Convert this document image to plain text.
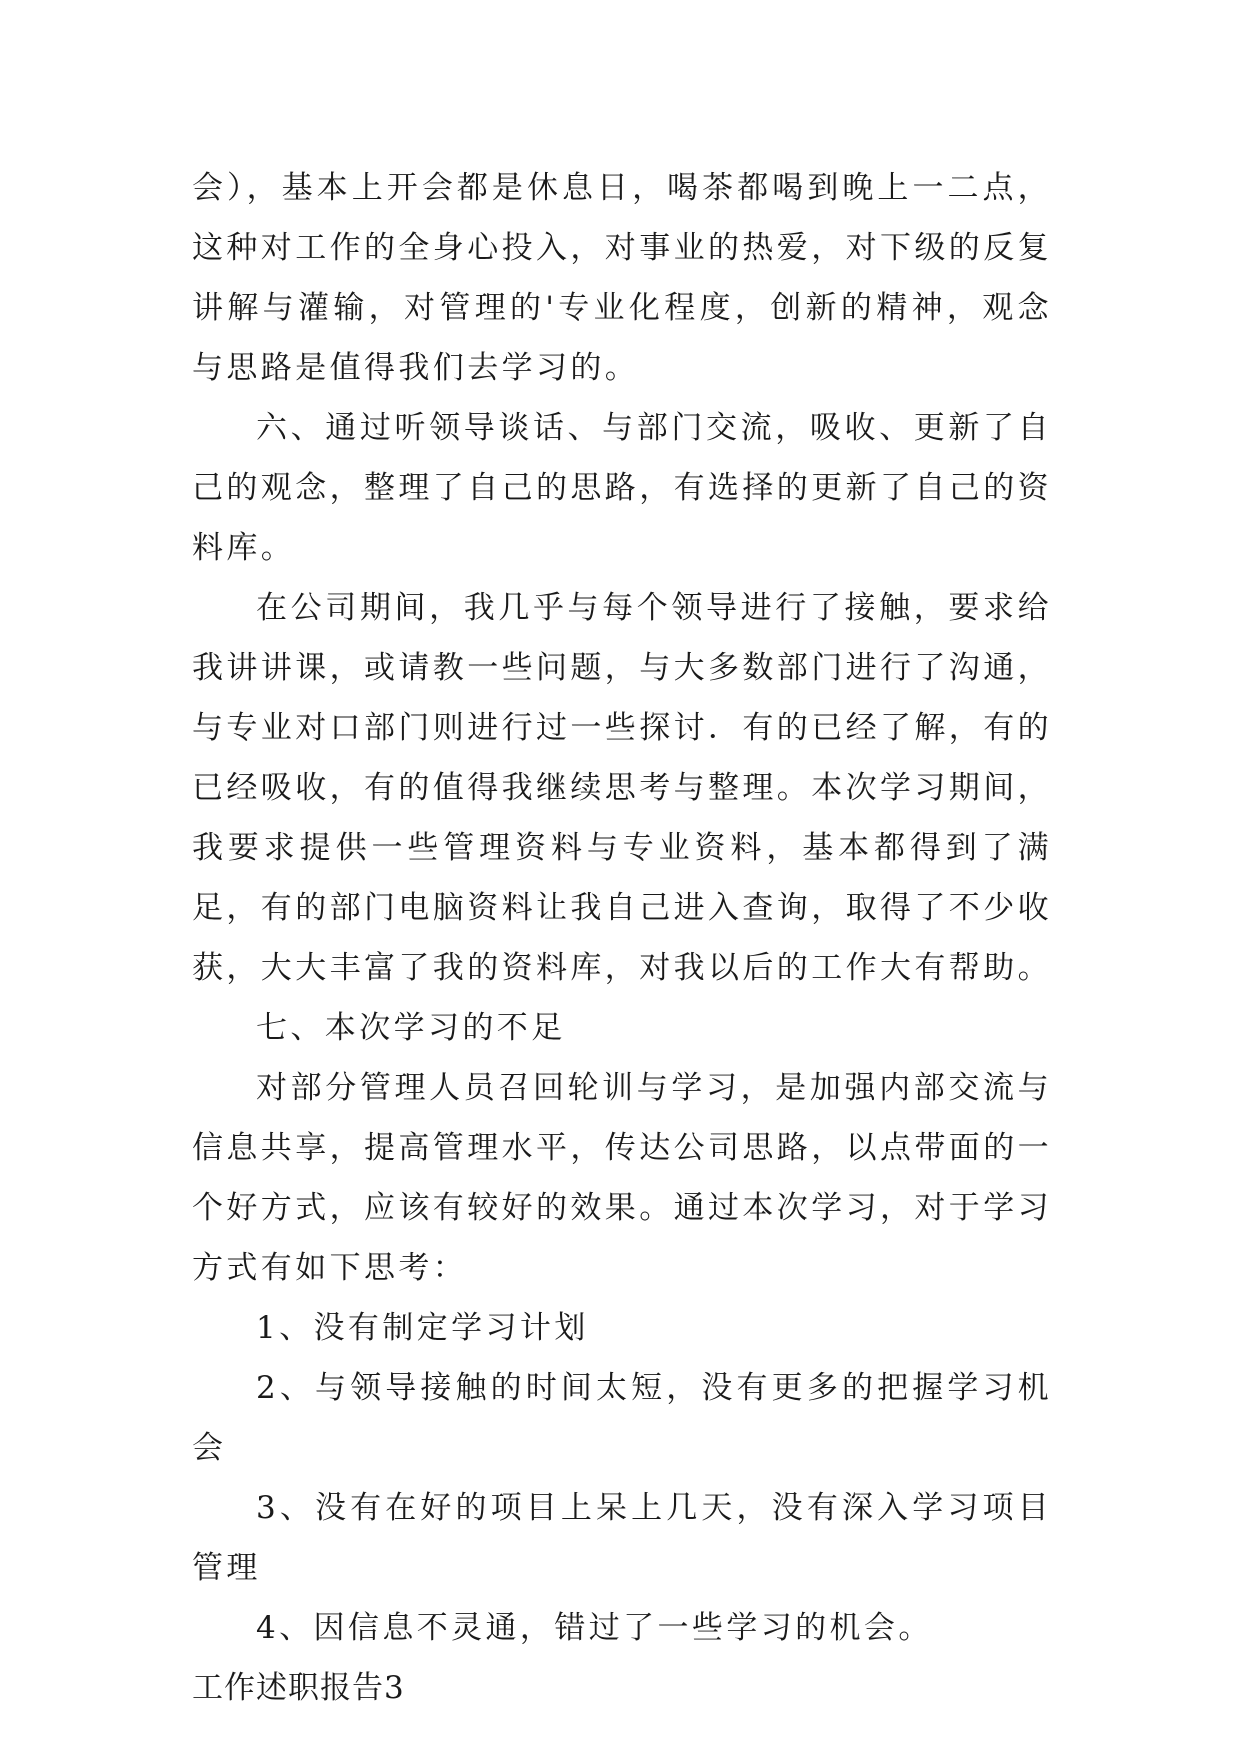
会），基本上开会都是休息日，喝茶都喝到晚上一二点，这种对工作的全身心投入，对事业的热爱，对下级的反复讲解与灌输，对管理的'专业化程度，创新的精神，观念与思路是值得我们去学习的。

六、通过听领导谈话、与部门交流，吸收、更新了自己的观念，整理了自己的思路，有选择的更新了自己的资料库。

在公司期间，我几乎与每个领导进行了接触，要求给我讲讲课，或请教一些问题，与大多数部门进行了沟通，与专业对口部门则进行过一些探讨．有的已经了解，有的已经吸收，有的值得我继续思考与整理。本次学习期间，我要求提供一些管理资料与专业资料，基本都得到了满足，有的部门电脑资料让我自己进入查询，取得了不少收获，大大丰富了我的资料库，对我以后的工作大有帮助。

七、本次学习的不足

对部分管理人员召回轮训与学习，是加强内部交流与信息共享，提高管理水平，传达公司思路，以点带面的一个好方式，应该有较好的效果。通过本次学习，对于学习方式有如下思考：

1、没有制定学习计划

2、与领导接触的时间太短，没有更多的把握学习机会

3、没有在好的项目上呆上几天，没有深入学习项目管理

4、因信息不灵通，错过了一些学习的机会。

工作述职报告3
